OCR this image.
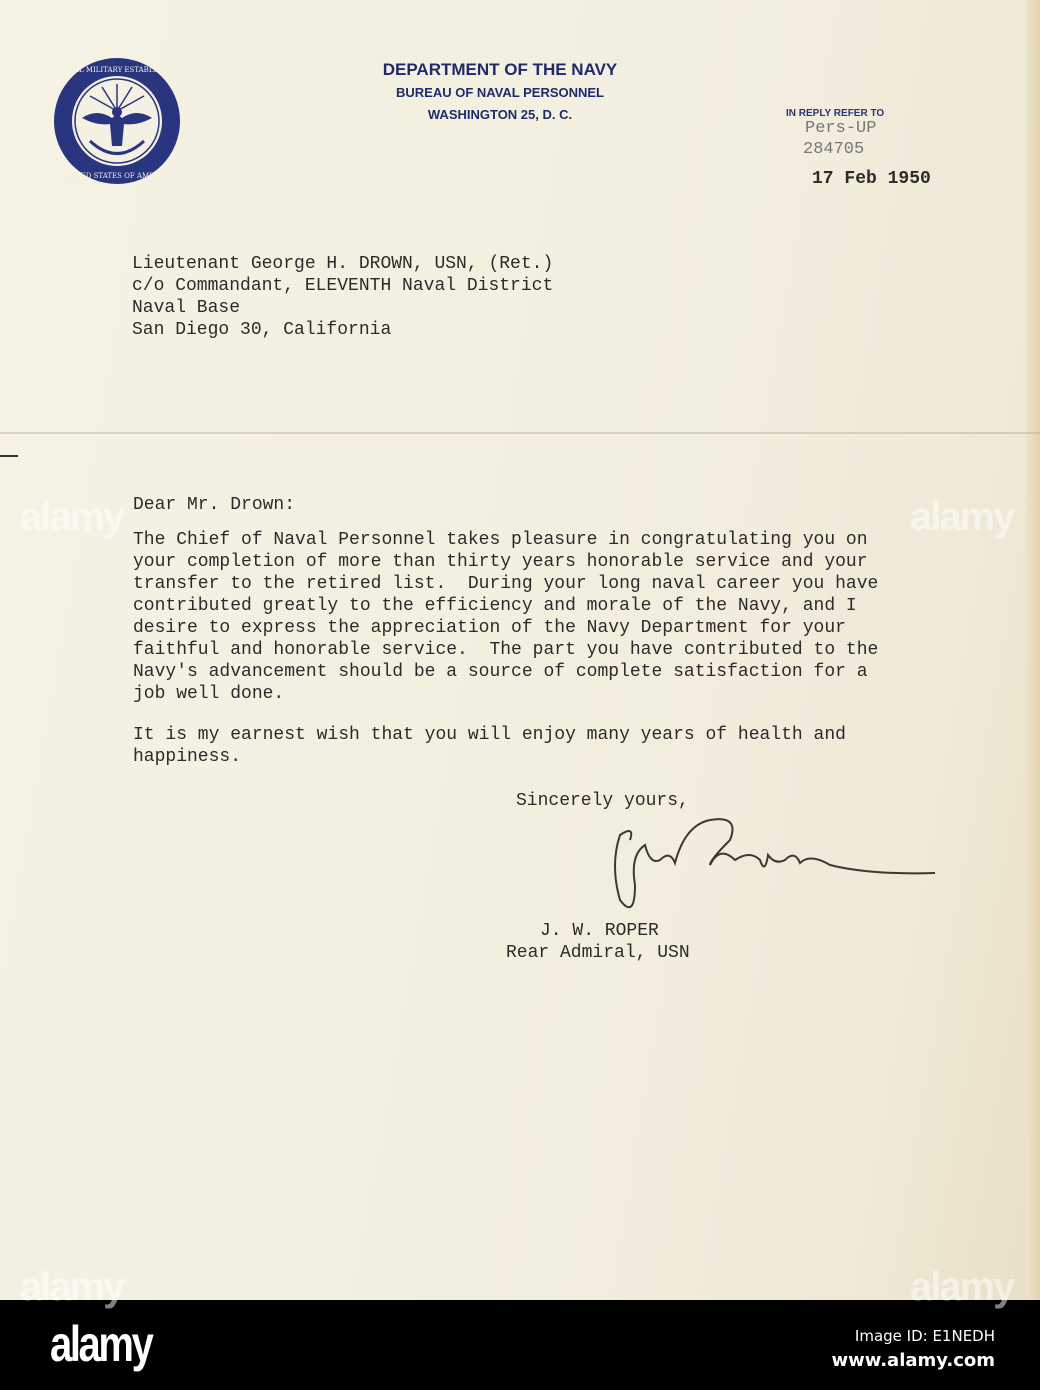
NATIONAL MILITARY ESTABLISHMENT
UNITED STATES OF AMERICA
DEPARTMENT OF THE NAVY
BUREAU OF NAVAL PERSONNEL
WASHINGTON 25, D. C.	IN REPLY REFER TO
Pers-UP
284705
17 Feb 1950
Lieutenant George H. DROWN, USN, (Ret.)
c/o Commandant, ELEVENTH Naval District
Naval Base
San Diego 30, California
Dear Mr. Drown:
The Chief of Naval Personnel takes pleasure in congratulating you on
your completion of more than thirty years honorable service and your
transfer to the retired list.  During your long naval career you have
contributed greatly to the efficiency and morale of the Navy, and I
desire to express the appreciation of the Navy Department for your
faithful and honorable service.  The part you have contributed to the
Navy's advancement should be a source of complete satisfaction for a
job well done.
It is my earnest wish that you will enjoy many years of health and
happiness.
Sincerely yours,
J. W. ROPER
Rear Admiral, USN
alamy	alamy
alamy	alamy
alamy	Image ID: E1NEDH
www.alamy.com
